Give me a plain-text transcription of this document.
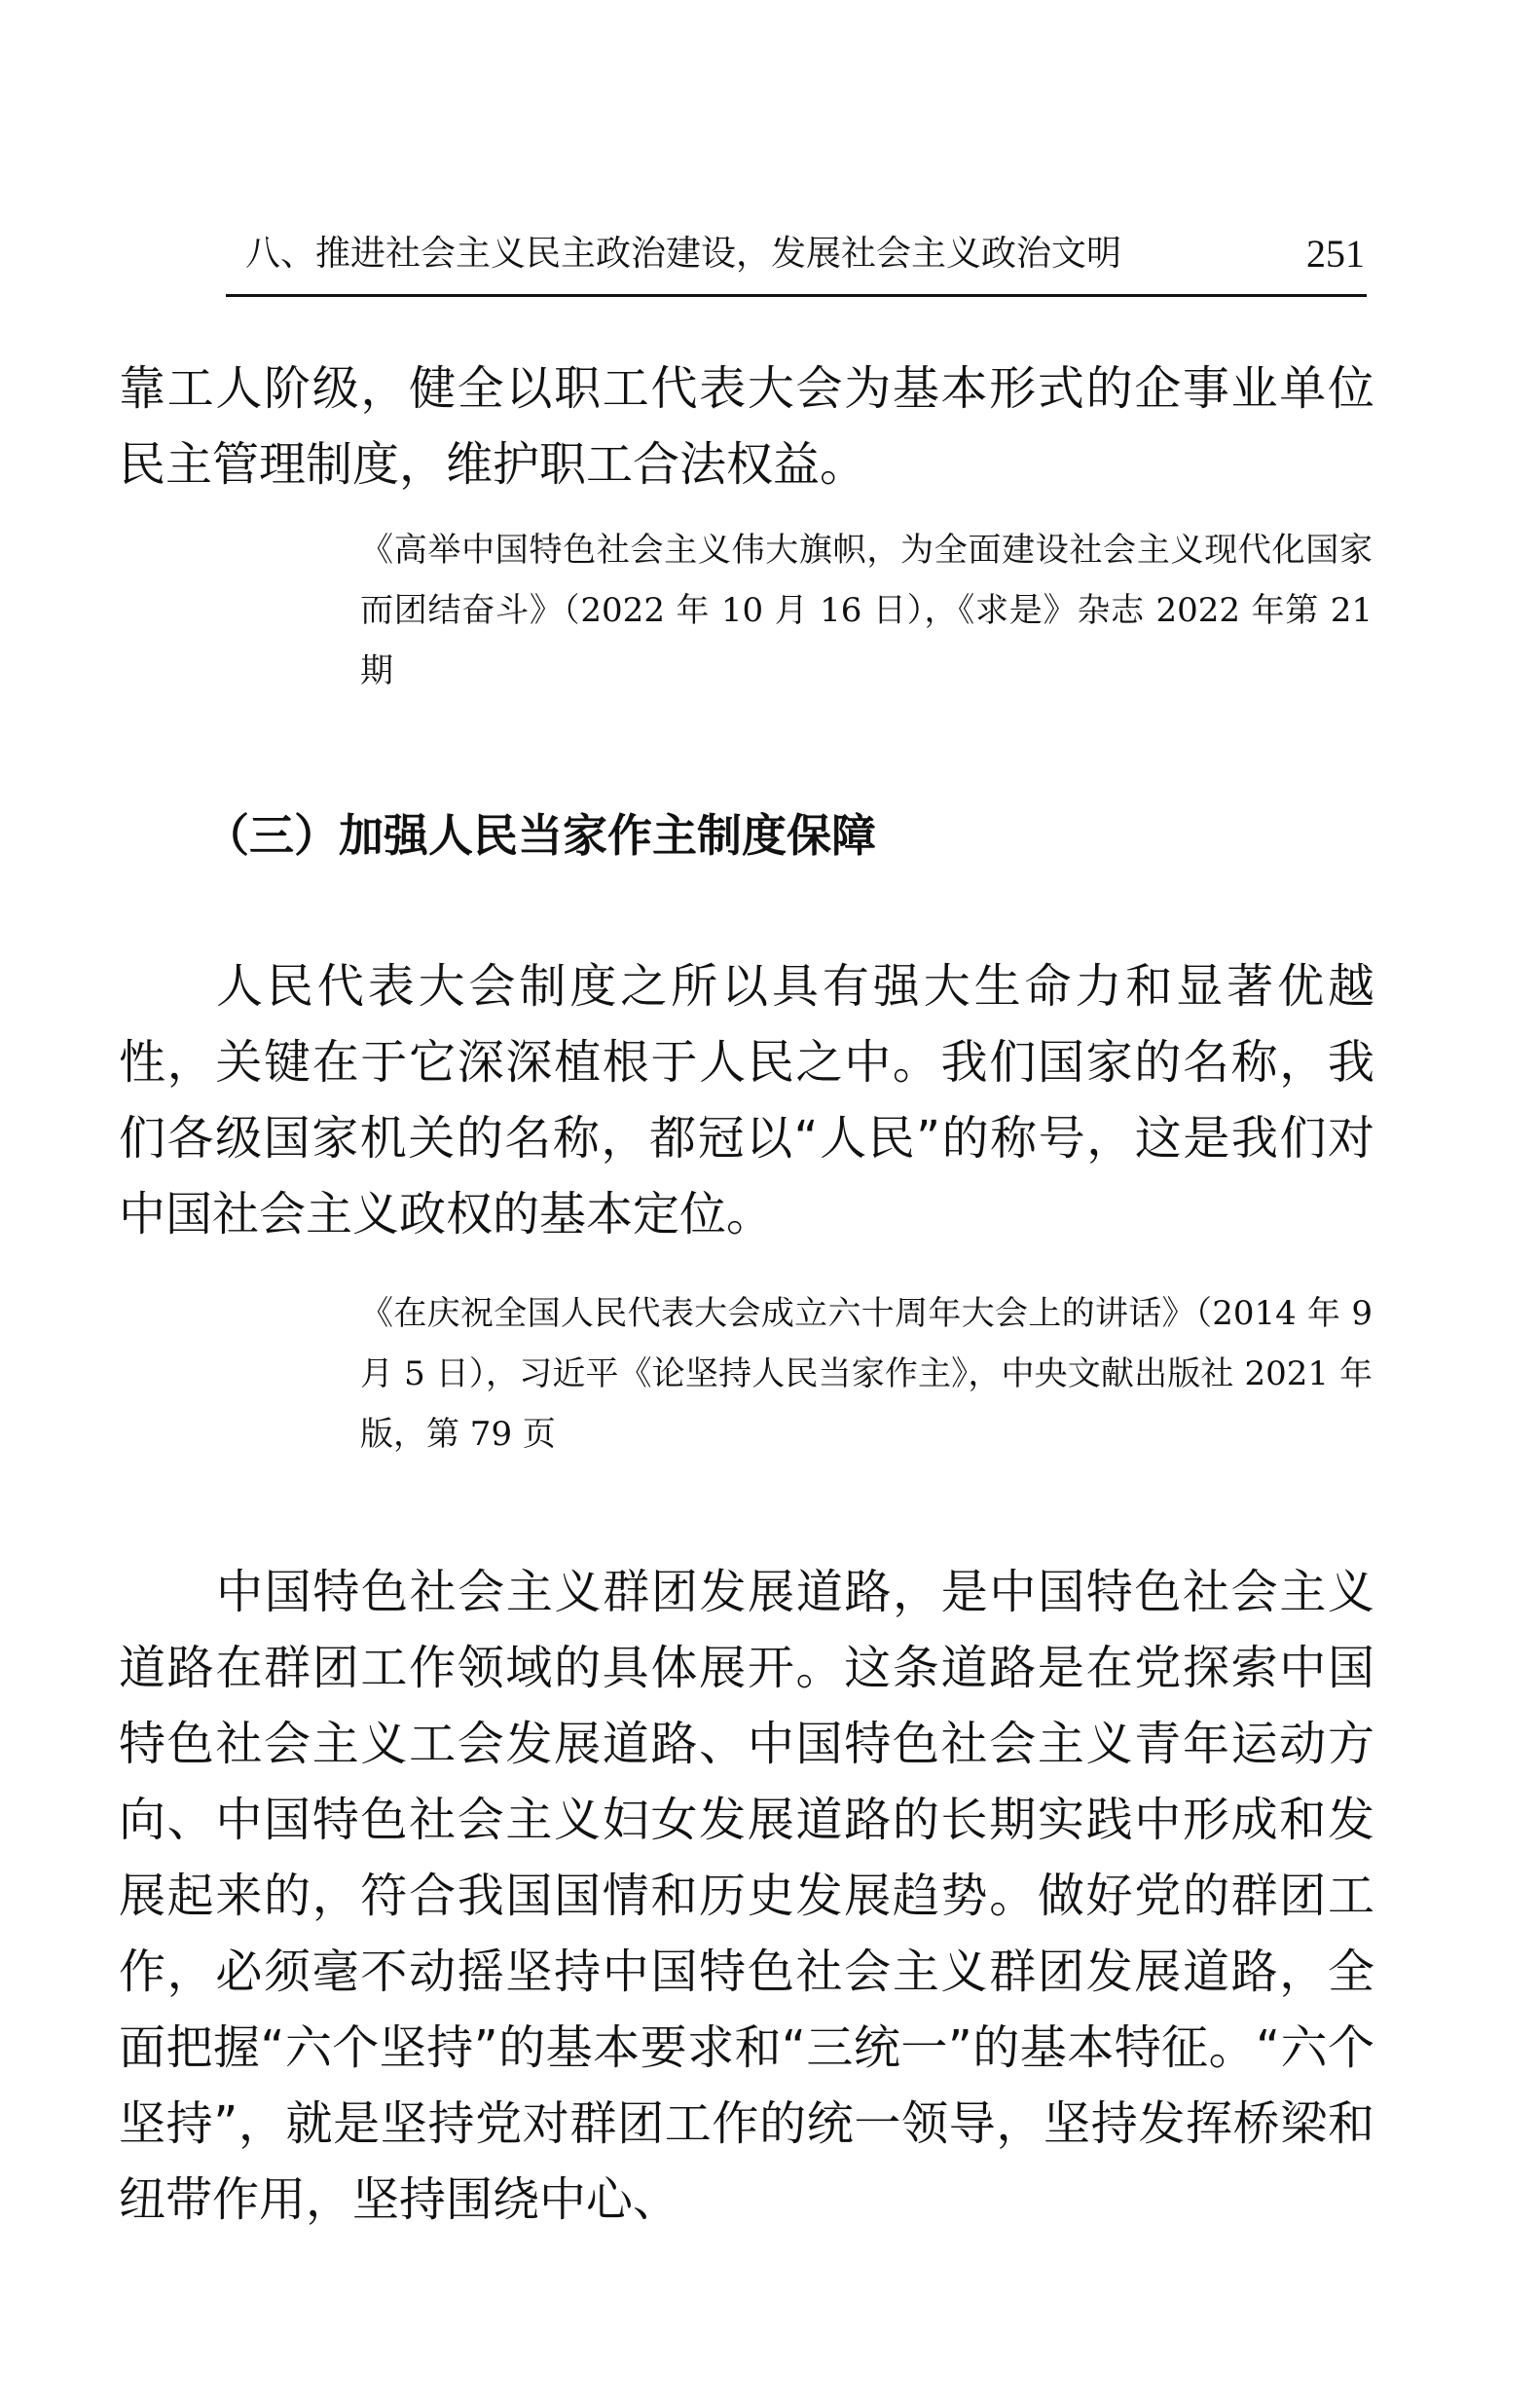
八、推进社会主义民主政治建设，发展社会主义政治文明	251

靠工人阶级，健全以职工代表大会为基本形式的企事业单位民主管理制度，维护职工合法权益。

《高举中国特色社会主义伟大旗帜，为全面建设社会主义现代化国家而团结奋斗》（2022 年 10 月 16 日），《求是》杂志 2022 年第 21 期

（三）加强人民当家作主制度保障

人民代表大会制度之所以具有强大生命力和显著优越性，关键在于它深深植根于人民之中。我们国家的名称，我们各级国家机关的名称，都冠以“人民”的称号，这是我们对中国社会主义政权的基本定位。

《在庆祝全国人民代表大会成立六十周年大会上的讲话》（2014 年 9 月 5 日），习近平《论坚持人民当家作主》，中央文献出版社 2021 年版，第 79 页

中国特色社会主义群团发展道路，是中国特色社会主义道路在群团工作领域的具体展开。这条道路是在党探索中国特色社会主义工会发展道路、中国特色社会主义青年运动方向、中国特色社会主义妇女发展道路的长期实践中形成和发展起来的，符合我国国情和历史发展趋势。做好党的群团工作，必须毫不动摇坚持中国特色社会主义群团发展道路，全面把握“六个坚持”的基本要求和“三统一”的基本特征。“六个坚持”，就是坚持党对群团工作的统一领导，坚持发挥桥梁和纽带作用，坚持围绕中心、
